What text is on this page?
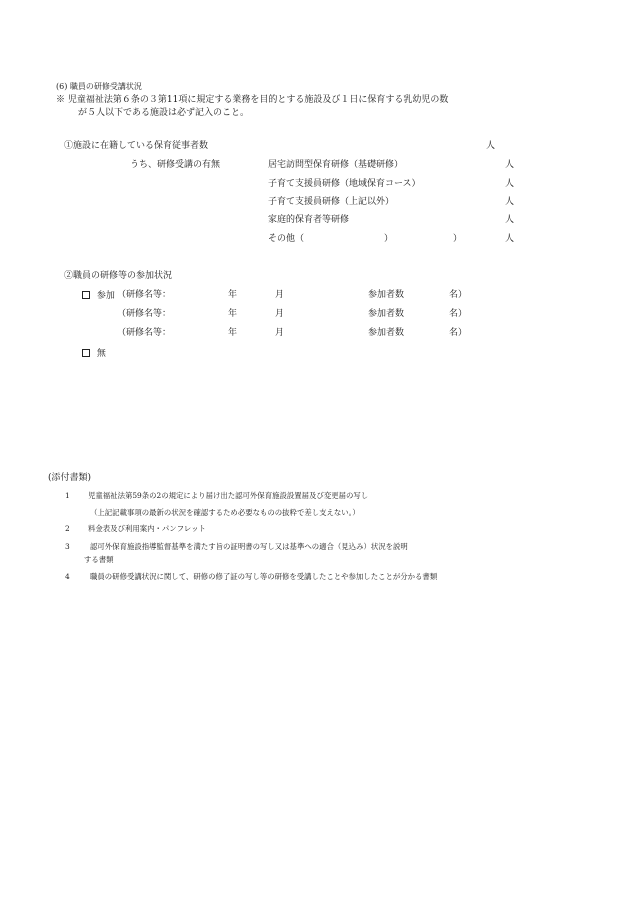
(6) 職員の研修受講状況
※ 児童福祉法第６条の３第11項に規定する業務を目的とする施設及び１日に保育する乳幼児の数
が５人以下である施設は必ず記入のこと。
①施設に在籍している保育従事者数	人
うち、研修受講の有無	居宅訪問型保育研修（基礎研修）	人
子育て支援員研修（地域保育コース）	人
子育て支援員研修（上記以外）	人
家庭的保育者等研修	人
その他（	）	）	人
②職員の研修等の参加状況
参加 （研修名等：	年	月	参加者数	名）
（研修名等：	年	月	参加者数	名）
（研修名等：	年	月	参加者数	名）
無
(添付書類)
1 児童福祉法第59条の2の規定により届け出た認可外保育施設設置届及び変更届の写し
（上記記載事項の最新の状況を確認するため必要なものの抜粋で差し支えない。）
2 料金表及び利用案内・パンフレット
3	認可外保育施設指導監督基準を満たす旨の証明書の写し又は基準への適合（見込み）状況を説明
する書類
4	職員の研修受講状況に関して、研修の修了証の写し等の研修を受講したことや参加したことが分かる書類
